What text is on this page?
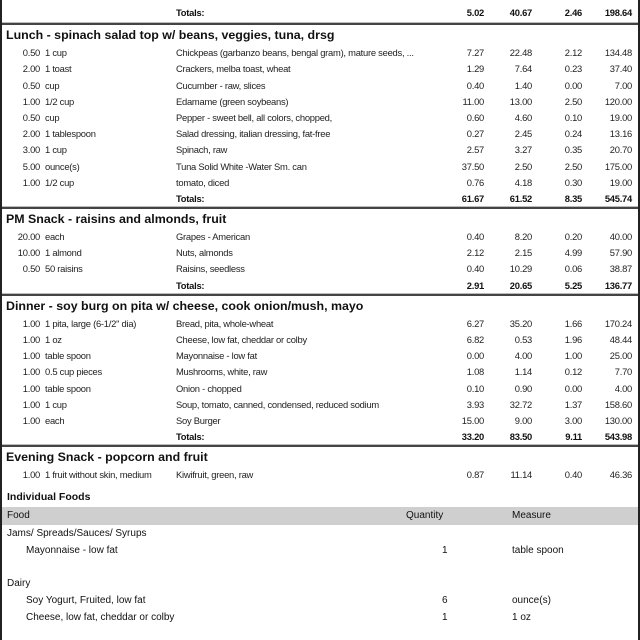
Totals:	5.02	40.67	2.46 198.64
Lunch - spinach salad top w/ beans, veggies, tuna, drsg
0.50 1 cup	Chickpeas (garbanzo beans, bengal gram), mature seeds, ...	7.27	22.48	2.12 134.48
2.00 1 toast	Crackers, melba toast, wheat	1.29	7.64	0.23	37.40
0.50 cup	Cucumber - raw, slices	0.40	1.40	0.00	7.00
1.00 1/2 cup	Edamame (green soybeans)	11.00	13.00	2.50 120.00
0.50 cup	Pepper - sweet bell, all colors, chopped,	0.60	4.60	0.10	19.00
2.00 1 tablespoon	Salad dressing, italian dressing, fat-free	0.27	2.45	0.24	13.16
3.00 1 cup	Spinach, raw	2.57	3.27	0.35	20.70
5.00 ounce(s)	Tuna Solid White -Water Sm. can	37.50	2.50	2.50 175.00
1.00 1/2 cup	tomato, diced	0.76	4.18	0.30	19.00
Totals:	61.67	61.52	8.35 545.74
PM Snack - raisins and almonds, fruit
20.00 each	Grapes - American	0.40	8.20	0.20	40.00
10.00 1 almond	Nuts, almonds	2.12	2.15	4.99	57.90
0.50 50 raisins	Raisins, seedless	0.40	10.29	0.06	38.87
Totals:	2.91	20.65	5.25 136.77
Dinner - soy burg on pita w/ cheese, cook onion/mush, mayo
1.00 1 pita, large (6-1/2" dia)	Bread, pita, whole-wheat	6.27	35.20	1.66 170.24
1.00 1 oz	Cheese, low fat, cheddar or colby	6.82	0.53	1.96	48.44
1.00 table spoon	Mayonnaise - low fat	0.00	4.00	1.00	25.00
1.00 0.5 cup pieces	Mushrooms, white, raw	1.08	1.14	0.12	7.70
1.00 table spoon	Onion - chopped	0.10	0.90	0.00	4.00
1.00 1 cup	Soup, tomato, canned, condensed, reduced sodium	3.93	32.72	1.37 158.60
1.00 each	Soy Burger	15.00	9.00	3.00 130.00
Totals:	33.20	83.50	9.11 543.98
Evening Snack - popcorn and fruit
1.00 1 fruit without skin, medium	Kiwifruit, green, raw	0.87	11.14	0.40	46.36
Individual Foods
Food	Quantity	Measure
Jams/ Spreads/Sauces/ Syrups
Mayonnaise - low fat	1	table spoon
Dairy
Soy Yogurt, Fruited, low fat	6	ounce(s)
Cheese, low fat, cheddar or colby	1	1 oz
